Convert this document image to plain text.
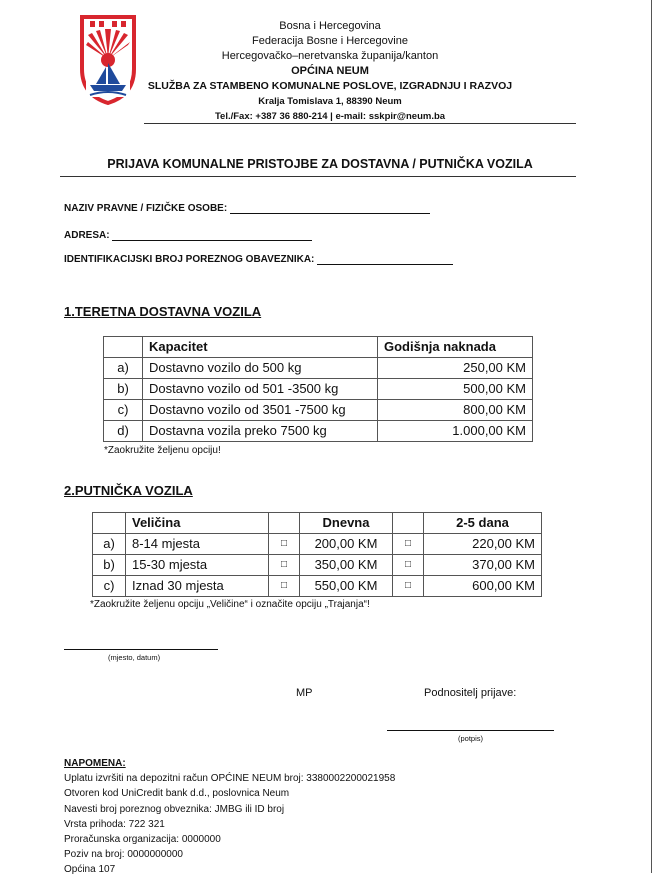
Bosna i Hercegovina
Federacija Bosne i Hercegovine
Hercegovačko–neretvanska županija/kanton
OPĆINA NEUM
SLUŽBA ZA STAMBENO KOMUNALNE POSLOVE, IZGRADNJU I RAZVOJ
Kralja Tomislava 1, 88390 Neum
Tel./Fax: +387 36 880-214 | e-mail: sskpir@neum.ba
PRIJAVA KOMUNALNE PRISTOJBE ZA DOSTAVNA / PUTNIČKA VOZILA
NAZIV PRAVNE / FIZIČKE OSOBE:
ADRESA:
IDENTIFIKACIJSKI BROJ POREZNOG OBAVEZNIKA:
1.TERETNA DOSTAVNA VOZILA
	Kapacitet	Godišnja naknada
a)	Dostavno vozilo do 500 kg	250,00 KM
b)	Dostavno vozilo od 501 -3500 kg	500,00 KM
c)	Dostavno vozilo od 3501 -7500 kg	800,00 KM
d)	Dostavna vozila preko 7500 kg	1.000,00 KM
*Zaokružite željenu opciju!
2.PUTNIČKA VOZILA
	Veličina		Dnevna		2-5 dana
a)	8-14 mjesta	□	200,00 KM	□	220,00 KM
b)	15-30 mjesta	□	350,00 KM	□	370,00 KM
c)	Iznad 30 mjesta	□	550,00 KM	□	600,00 KM
*Zaokružite željenu opciju „Veličine“ i označite opciju „Trajanja“!
(mjesto, datum)
MP	Podnositelj prijave:
(potpis)
NAPOMENA:
Uplatu izvršiti na depozitni račun OPĆINE NEUM broj: 3380002200021958
Otvoren kod UniCredit bank d.d., poslovnica Neum
Navesti broj poreznog obveznika: JMBG ili ID broj
Vrsta prihoda: 722 321
Proračunska organizacija: 0000000
Poziv na broj: 0000000000
Općina 107
